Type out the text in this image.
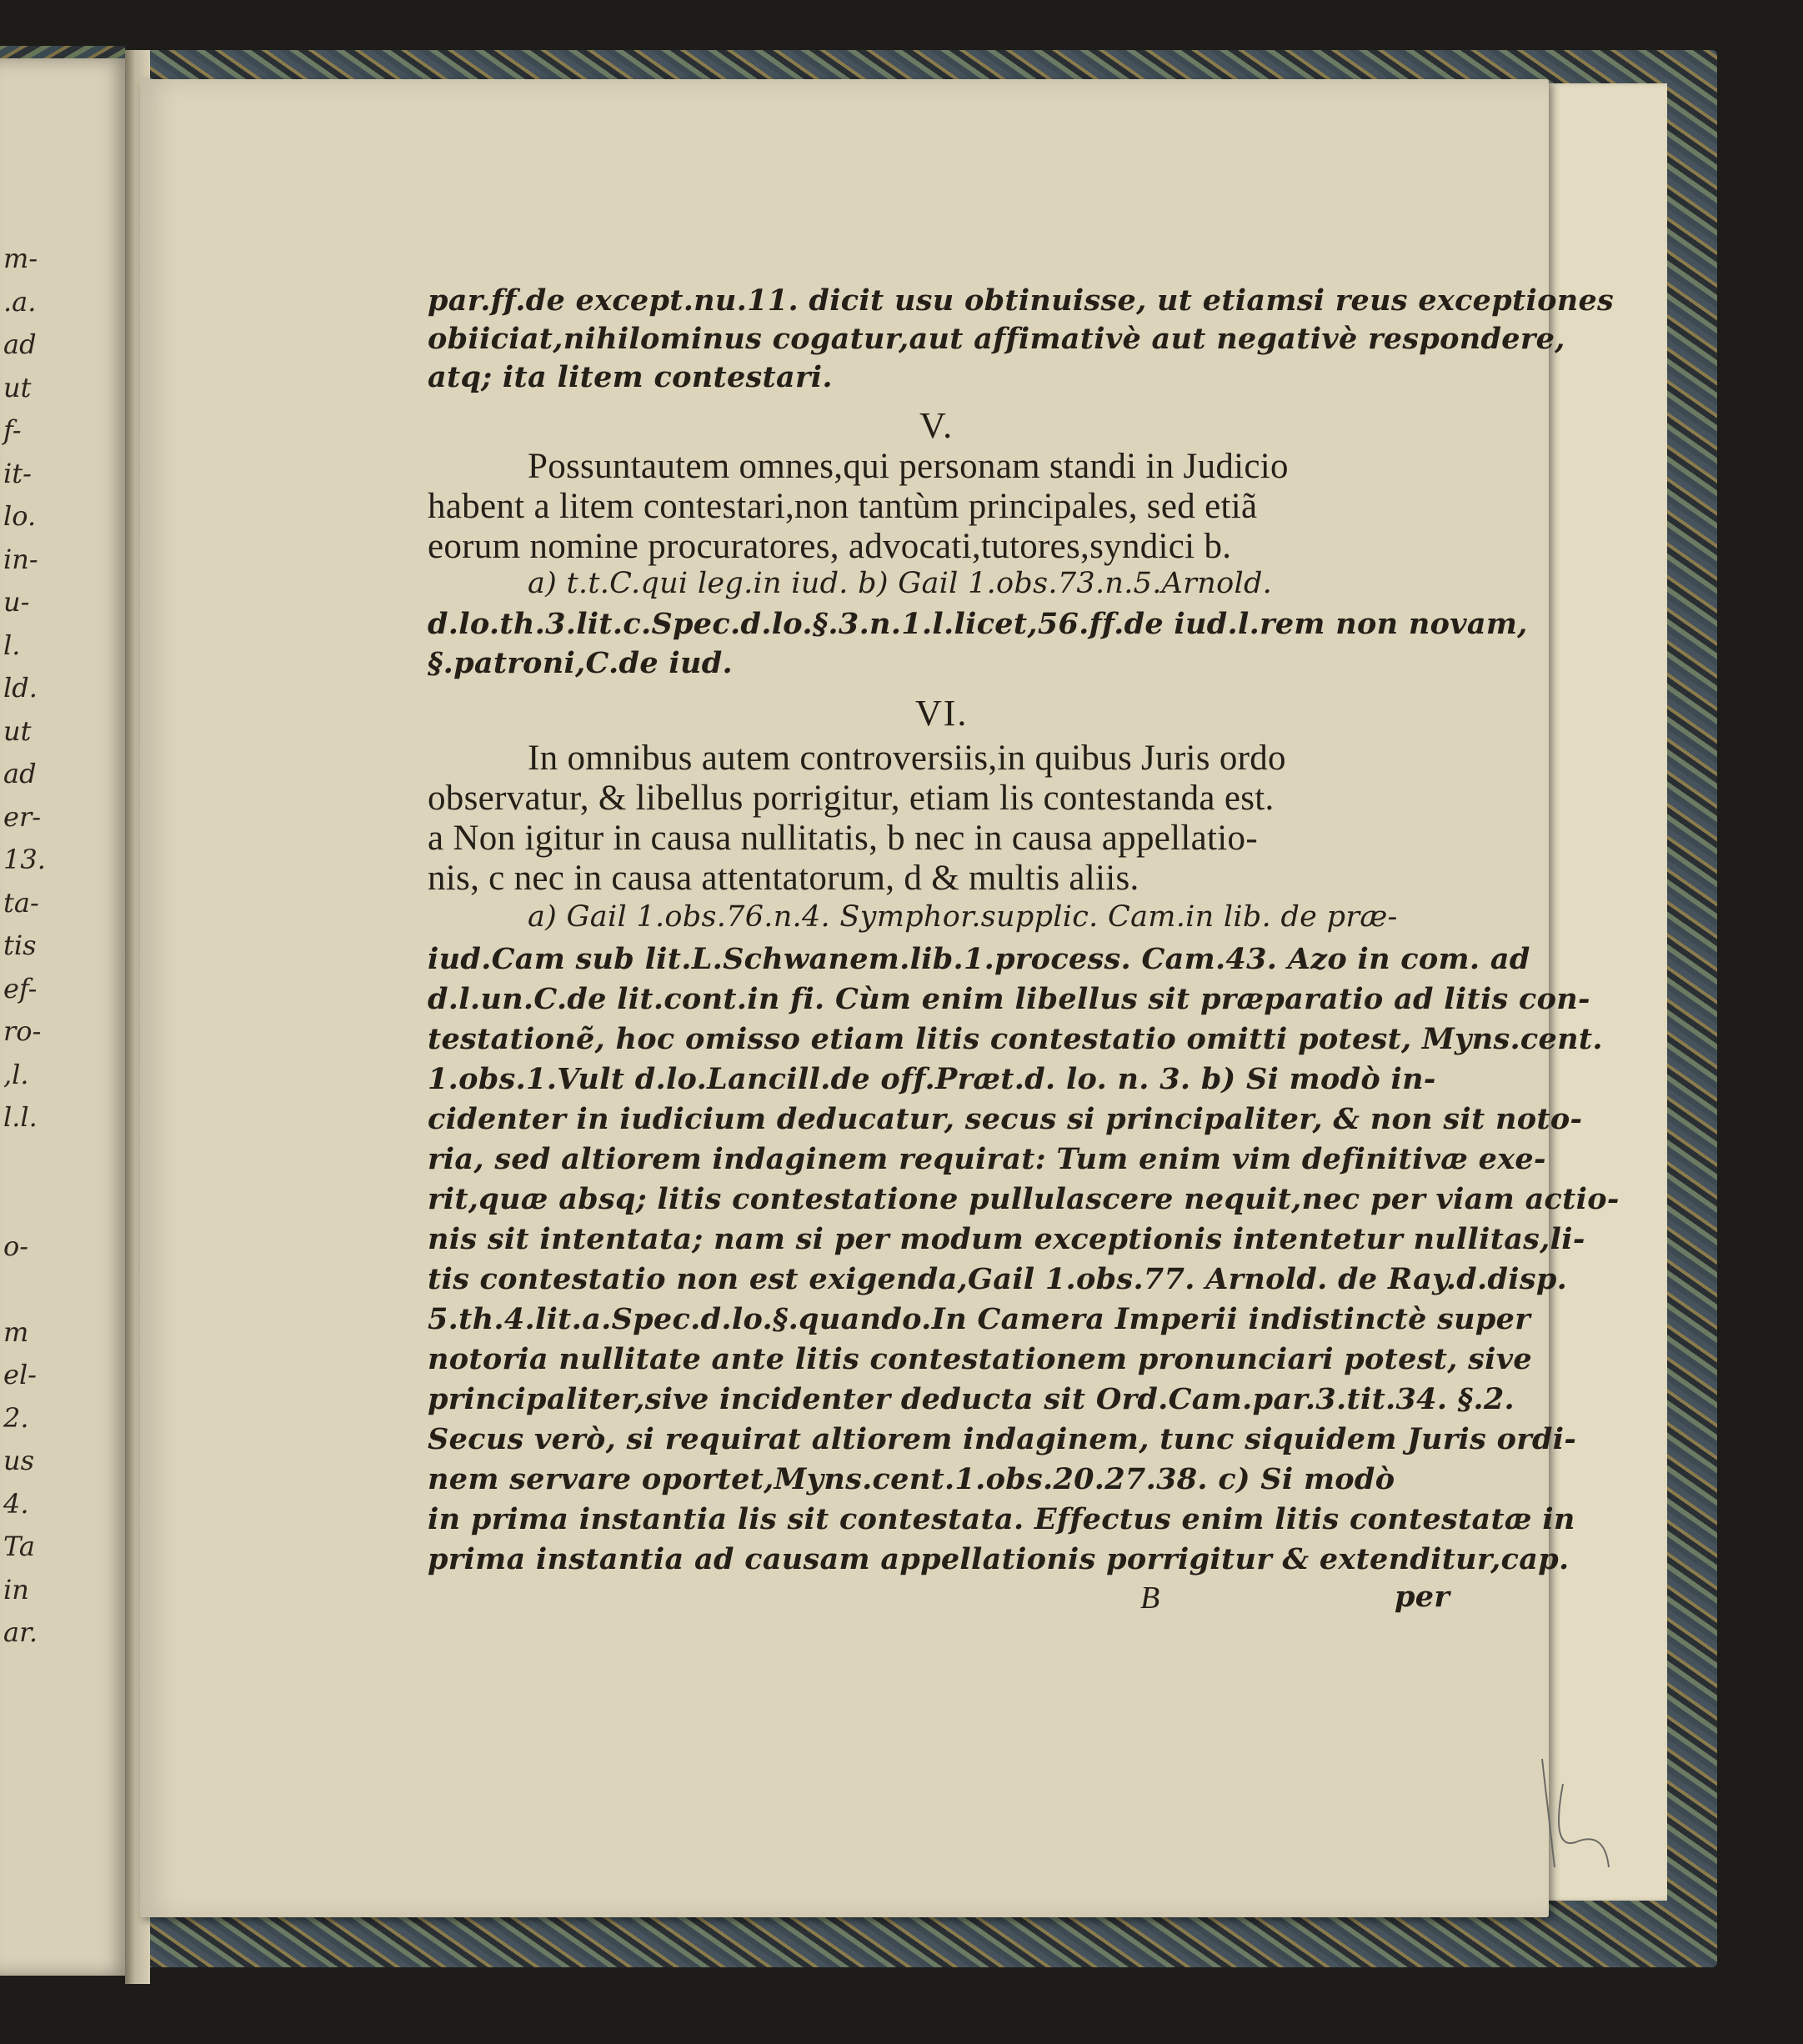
m-
.a.
ad
ut
f-
it-
lo.
in-
u-
l.
ld.
ut
ad
er-
13.
ta-
tis
ef-
ro-
,l.
l.l.
o-
m
el-
2.
us
4.
Ta
in
ar.
par.ff.de except.nu.11. dicit usu obtinuisse, ut etiamsi reus exceptiones
obiiciat,nihilominus cogatur,aut affimativè aut negativè respondere,
atq; ita litem contestari.
V.
Possuntautem omnes,qui personam standi in Judicio
habent a litem contestari,non tantùm principales, sed etiã
eorum nomine procuratores, advocati,tutores,syndici b.
a) t.t.C.qui leg.in iud. b) Gail 1.obs.73.n.5.Arnold.
d.lo.th.3.lit.c.Spec.d.lo.§.3.n.1.l.licet,56.ff.de iud.l.rem non novam,
§.patroni,C.de iud.
VI.
In omnibus autem controversiis,in quibus Juris ordo
observatur, & libellus porrigitur, etiam lis contestanda est.
a Non igitur in causa nullitatis, b nec in causa appellatio-
nis, c nec in causa attentatorum, d & multis aliis.
a) Gail 1.obs.76.n.4. Symphor.supplic. Cam.in lib. de præ-
iud.Cam sub lit.L.Schwanem.lib.1.process. Cam.43. Azo in com. ad
d.l.un.C.de lit.cont.in fi. Cùm enim libellus sit præparatio ad litis con-
testationẽ, hoc omisso etiam litis contestatio omitti potest, Myns.cent.
1.obs.1.Vult d.lo.Lancill.de off.Præt.d. lo. n. 3. b) Si modò in-
cidenter in iudicium deducatur, secus si principaliter, & non sit noto-
ria, sed altiorem indaginem requirat: Tum enim vim definitivæ exe-
rit,quæ absq; litis contestatione pullulascere nequit,nec per viam actio-
nis sit intentata; nam si per modum exceptionis intentetur nullitas,li-
tis contestatio non est exigenda,Gail 1.obs.77. Arnold. de Ray.d.disp.
5.th.4.lit.a.Spec.d.lo.§.quando.In Camera Imperii indistinctè super
notoria nullitate ante litis contestationem pronunciari potest, sive
principaliter,sive incidenter deducta sit Ord.Cam.par.3.tit.34. §.2.
Secus verò, si requirat altiorem indaginem, tunc siquidem Juris ordi-
nem servare oportet,Myns.cent.1.obs.20.27.38. c) Si modò
in prima instantia lis sit contestata. Effectus enim litis contestatæ in
prima instantia ad causam appellationis porrigitur & extenditur,cap.
B	per
